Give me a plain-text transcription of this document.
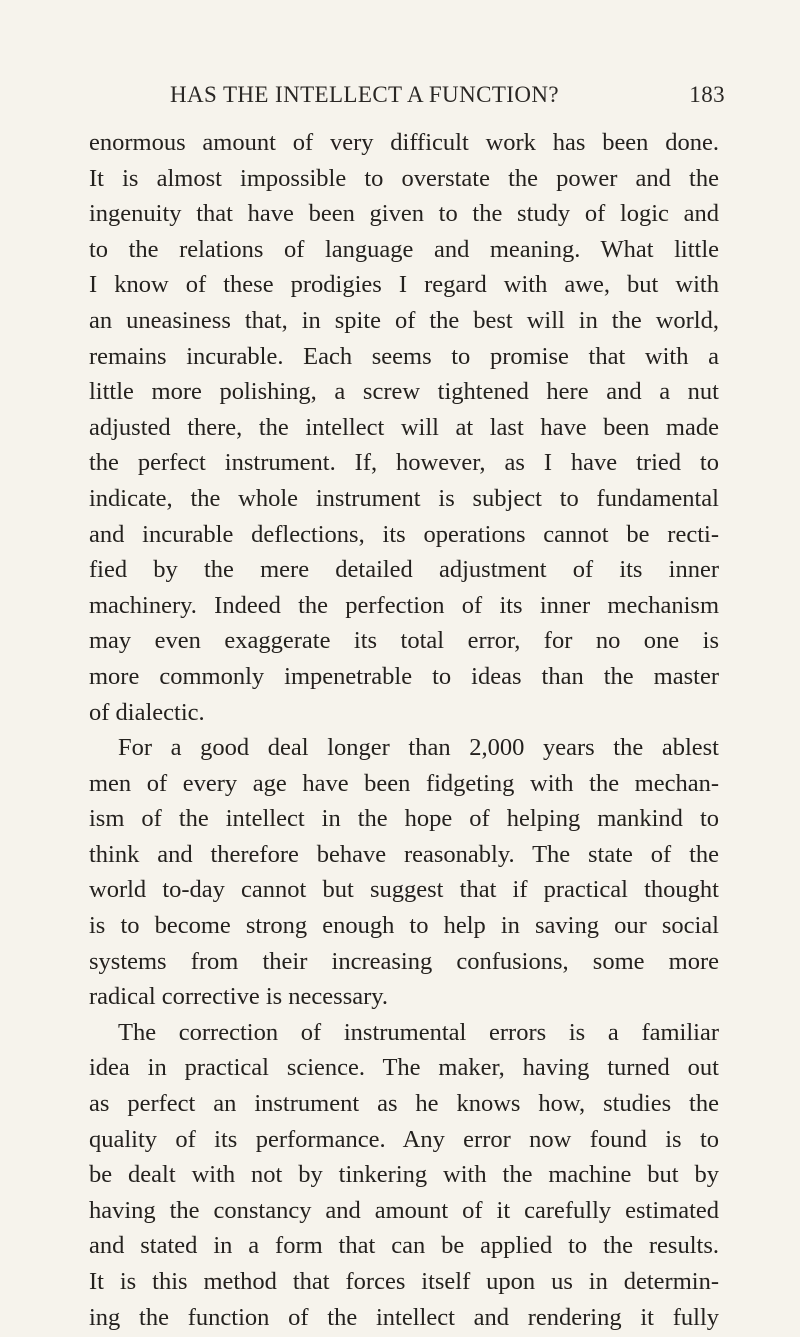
HAS THE INTELLECT A FUNCTION?	183
enormous amount of very difficult work has been done.
It is almost impossible to overstate the power and the
ingenuity that have been given to the study of logic and
to the relations of language and meaning. What little
I know of these prodigies I regard with awe, but with
an uneasiness that, in spite of the best will in the world,
remains incurable. Each seems to promise that with a
little more polishing, a screw tightened here and a nut
adjusted there, the intellect will at last have been made
the perfect instrument. If, however, as I have tried to
indicate, the whole instrument is subject to fundamental
and incurable deflections, its operations cannot be recti-
fied by the mere detailed adjustment of its inner
machinery. Indeed the perfection of its inner mechanism
may even exaggerate its total error, for no one is
more commonly impenetrable to ideas than the master
of dialectic.
For a good deal longer than 2,000 years the ablest
men of every age have been fidgeting with the mechan-
ism of the intellect in the hope of helping mankind to
think and therefore behave reasonably. The state of the
world to-day cannot but suggest that if practical thought
is to become strong enough to help in saving our social
systems from their increasing confusions, some more
radical corrective is necessary.
The correction of instrumental errors is a familiar
idea in practical science. The maker, having turned out
as perfect an instrument as he knows how, studies the
quality of its performance. Any error now found is to
be dealt with not by tinkering with the machine but by
having the constancy and amount of it carefully estimated
and stated in a form that can be applied to the results.
It is this method that forces itself upon us in determin-
ing the function of the intellect and rendering it fully
